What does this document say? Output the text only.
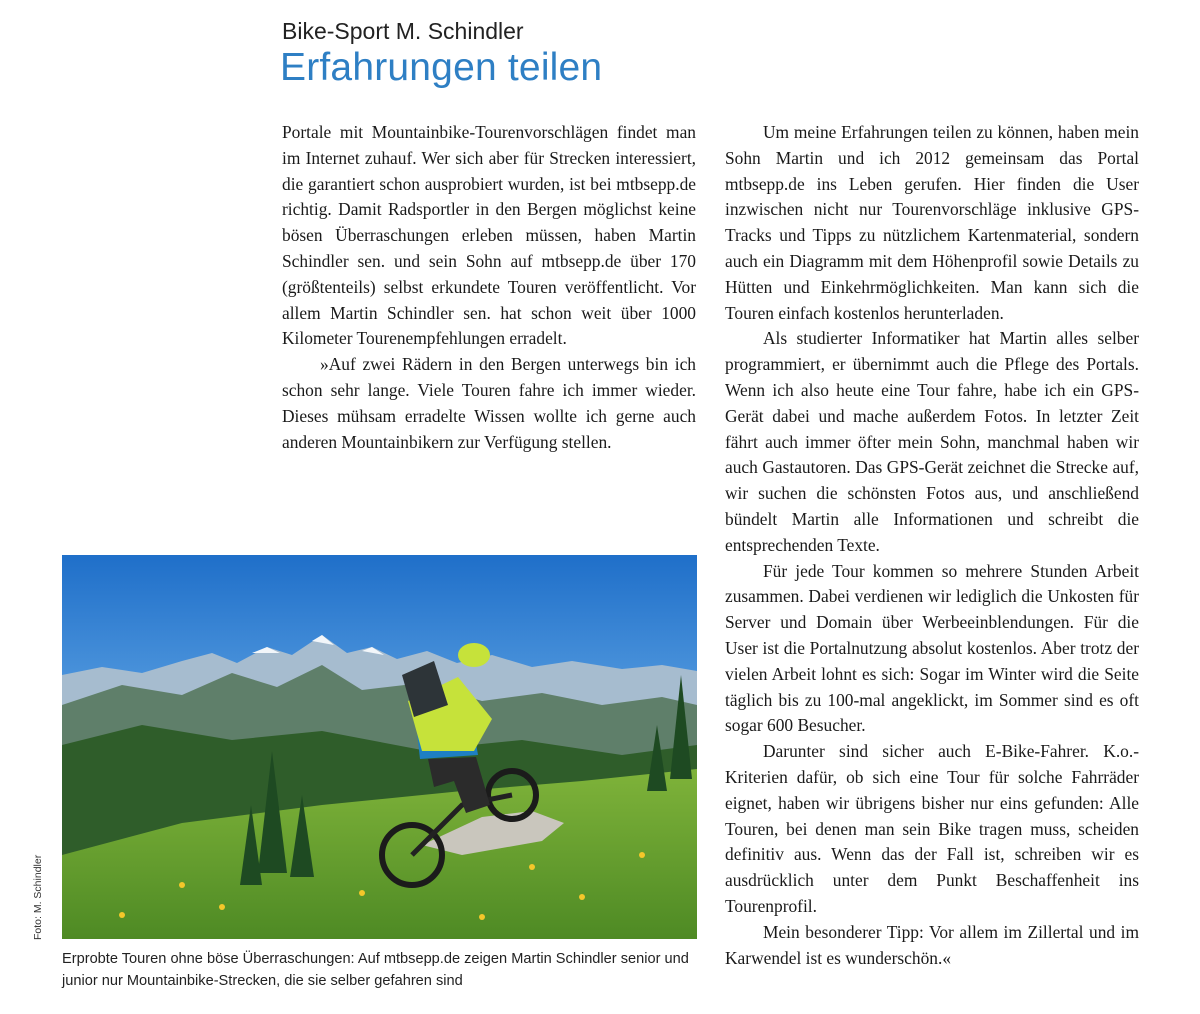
Bike-Sport M. Schindler
Erfahrungen teilen

Portale mit Mountainbike-Tourenvorschlägen findet man im Internet zuhauf. Wer sich aber für Strecken interessiert, die garantiert schon ausprobiert wurden, ist bei mtbsepp.de richtig. Damit Radsportler in den Bergen möglichst keine bösen Überraschungen erleben müssen, haben Martin Schindler sen. und sein Sohn auf mtbsepp.de über 170 (größtenteils) selbst erkundete Touren veröffentlicht. Vor allem Martin Schindler sen. hat schon weit über 1000 Kilometer Tourenempfehlungen erradelt.

»Auf zwei Rädern in den Bergen unterwegs bin ich schon sehr lange. Viele Touren fahre ich immer wieder. Dieses mühsam erradelte Wissen wollte ich gerne auch anderen Mountainbikern zur Verfügung stellen.

Um meine Erfahrungen teilen zu können, haben mein Sohn Martin und ich 2012 gemeinsam das Portal mtbsepp.de ins Leben gerufen. Hier finden die User inzwischen nicht nur Tourenvorschläge inklusive GPS-Tracks und Tipps zu nützlichem Kartenmaterial, sondern auch ein Diagramm mit dem Höhenprofil sowie Details zu Hütten und Einkehrmöglichkeiten. Man kann sich die Touren einfach kostenlos herunterladen.

Als studierter Informatiker hat Martin alles selber programmiert, er übernimmt auch die Pflege des Portals. Wenn ich also heute eine Tour fahre, habe ich ein GPS-Gerät dabei und mache außerdem Fotos. In letzter Zeit fährt auch immer öfter mein Sohn, manchmal haben wir auch Gastautoren. Das GPS-Gerät zeichnet die Strecke auf, wir suchen die schönsten Fotos aus, und anschließend bündelt Martin alle Informationen und schreibt die entsprechenden Texte.

Für jede Tour kommen so mehrere Stunden Arbeit zusammen. Dabei verdienen wir lediglich die Unkosten für Server und Domain über Werbeeinblendungen. Für die User ist die Portalnutzung absolut kostenlos. Aber trotz der vielen Arbeit lohnt es sich: Sogar im Winter wird die Seite täglich bis zu 100-mal angeklickt, im Sommer sind es oft sogar 600 Besucher.

Darunter sind sicher auch E-Bike-Fahrer. K.o.-Kriterien dafür, ob sich eine Tour für solche Fahrräder eignet, haben wir übrigens bisher nur eins gefunden: Alle Touren, bei denen man sein Bike tragen muss, scheiden definitiv aus. Wenn das der Fall ist, schreiben wir es ausdrücklich unter dem Punkt Beschaffenheit ins Tourenprofil.

Mein besonderer Tipp: Vor allem im Zillertal und im Karwendel ist es wunderschön.«

Foto: M. Schindler
Erprobte Touren ohne böse Überraschungen: Auf mtbsepp.de zeigen Martin Schindler senior und junior nur Mountainbike-Strecken, die sie selber gefahren sind
